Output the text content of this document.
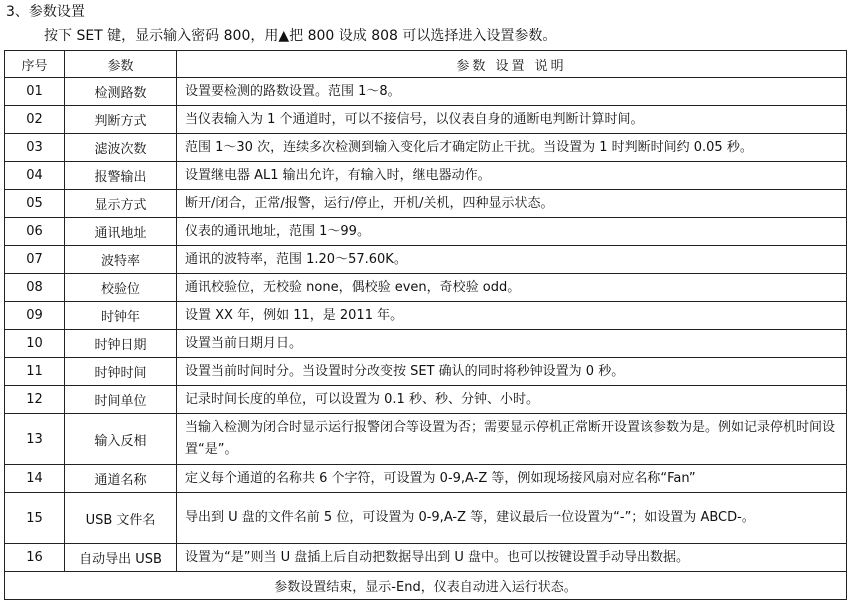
3、参数设置
按下 SET 键，显示输入密码 800，用▲把 800 设成 808 可以选择进入设置参数。
序号	参数	参数 设置 说明
01	检测路数	设置要检测的路数设置。范围 1～8。
02	判断方式	当仪表输入为 1 个通道时，可以不接信号，以仪表自身的通断电判断计算时间。
03	滤波次数	范围 1～30 次，连续多次检测到输入变化后才确定防止干扰。当设置为 1 时判断时间约 0.05 秒。
04	报警输出	设置继电器 AL1 输出允许，有输入时，继电器动作。
05	显示方式	断开/闭合，正常/报警，运行/停止，开机/关机，四种显示状态。
06	通讯地址	仪表的通讯地址，范围 1～99。
07	波特率	通讯的波特率，范围 1.20～57.60K。
08	校验位	通讯校验位，无校验 none，偶校验 even，奇校验 odd。
09	时钟年	设置 XX 年，例如 11，是 2011 年。
10	时钟日期	设置当前日期月日。
11	时钟时间	设置当前时间时分。当设置时分改变按 SET 确认的同时将秒钟设置为 0 秒。
12	时间单位	记录时间长度的单位，可以设置为 0.1 秒、秒、分钟、小时。
13	输入反相	当输入检测为闭合时显示运行报警闭合等设置为否；需要显示停机正常断开设置该参数为是。例如记录停机时间设置“是”。
14	通道名称	定义每个通道的名称共 6 个字符，可设置为 0-9,A-Z 等，例如现场接风扇对应名称“Fan”
15	USB 文件名	导出到 U 盘的文件名前 5 位，可设置为 0-9,A-Z 等，建议最后一位设置为“-”；如设置为 ABCD-。
16	自动导出 USB	设置为“是”则当 U 盘插上后自动把数据导出到 U 盘中。也可以按键设置手动导出数据。
参数设置结束，显示-End，仪表自动进入运行状态。		
